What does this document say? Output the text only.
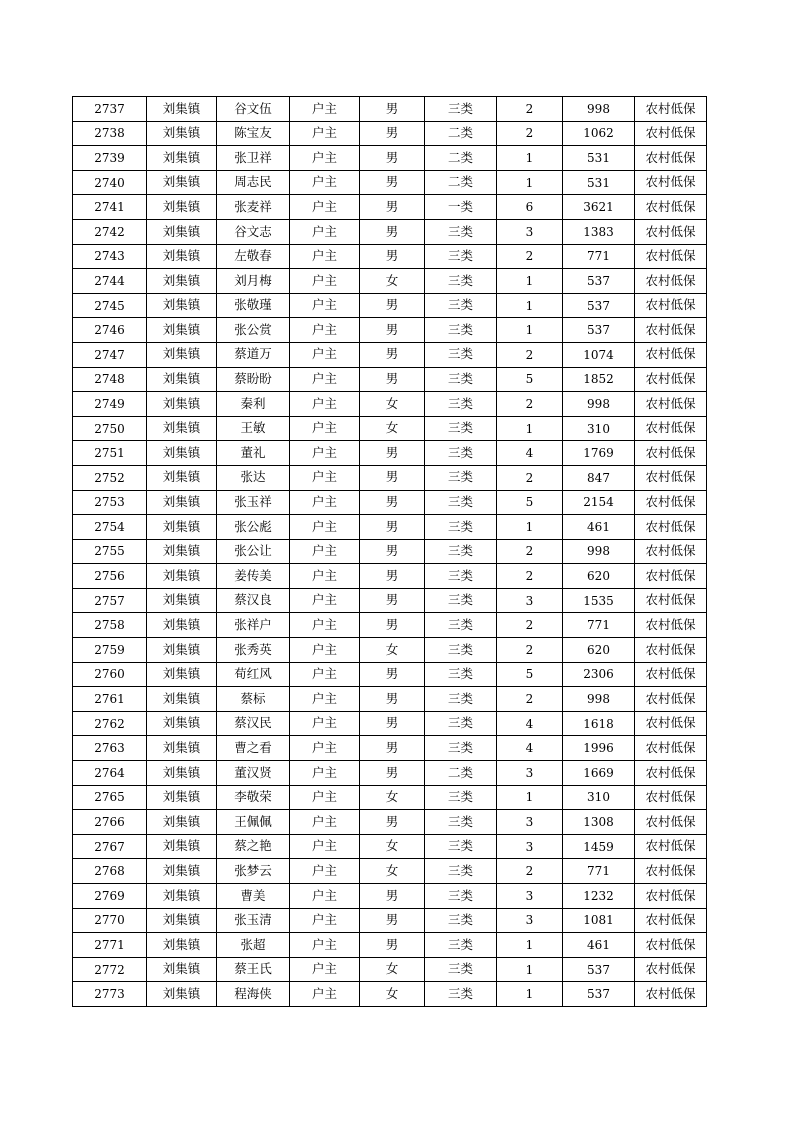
2737	刘集镇	谷文伍	户主	男	三类	2	998	农村低保
2738	刘集镇	陈宝友	户主	男	二类	2	1062	农村低保
2739	刘集镇	张卫祥	户主	男	二类	1	531	农村低保
2740	刘集镇	周志民	户主	男	二类	1	531	农村低保
2741	刘集镇	张麦祥	户主	男	一类	6	3621	农村低保
2742	刘集镇	谷文志	户主	男	三类	3	1383	农村低保
2743	刘集镇	左敬春	户主	男	三类	2	771	农村低保
2744	刘集镇	刘月梅	户主	女	三类	1	537	农村低保
2745	刘集镇	张敬瑾	户主	男	三类	1	537	农村低保
2746	刘集镇	张公赏	户主	男	三类	1	537	农村低保
2747	刘集镇	蔡道万	户主	男	三类	2	1074	农村低保
2748	刘集镇	蔡盼盼	户主	男	三类	5	1852	农村低保
2749	刘集镇	秦利	户主	女	三类	2	998	农村低保
2750	刘集镇	王敏	户主	女	三类	1	310	农村低保
2751	刘集镇	董礼	户主	男	三类	4	1769	农村低保
2752	刘集镇	张达	户主	男	三类	2	847	农村低保
2753	刘集镇	张玉祥	户主	男	三类	5	2154	农村低保
2754	刘集镇	张公彪	户主	男	三类	1	461	农村低保
2755	刘集镇	张公让	户主	男	三类	2	998	农村低保
2756	刘集镇	姜传美	户主	男	三类	2	620	农村低保
2757	刘集镇	蔡汉良	户主	男	三类	3	1535	农村低保
2758	刘集镇	张祥户	户主	男	三类	2	771	农村低保
2759	刘集镇	张秀英	户主	女	三类	2	620	农村低保
2760	刘集镇	荀红风	户主	男	三类	5	2306	农村低保
2761	刘集镇	蔡标	户主	男	三类	2	998	农村低保
2762	刘集镇	蔡汉民	户主	男	三类	4	1618	农村低保
2763	刘集镇	曹之看	户主	男	三类	4	1996	农村低保
2764	刘集镇	董汉贤	户主	男	二类	3	1669	农村低保
2765	刘集镇	李敬荣	户主	女	三类	1	310	农村低保
2766	刘集镇	王佩佩	户主	男	三类	3	1308	农村低保
2767	刘集镇	蔡之艳	户主	女	三类	3	1459	农村低保
2768	刘集镇	张梦云	户主	女	三类	2	771	农村低保
2769	刘集镇	曹美	户主	男	三类	3	1232	农村低保
2770	刘集镇	张玉清	户主	男	三类	3	1081	农村低保
2771	刘集镇	张超	户主	男	三类	1	461	农村低保
2772	刘集镇	蔡王氏	户主	女	三类	1	537	农村低保
2773	刘集镇	程海侠	户主	女	三类	1	537	农村低保
